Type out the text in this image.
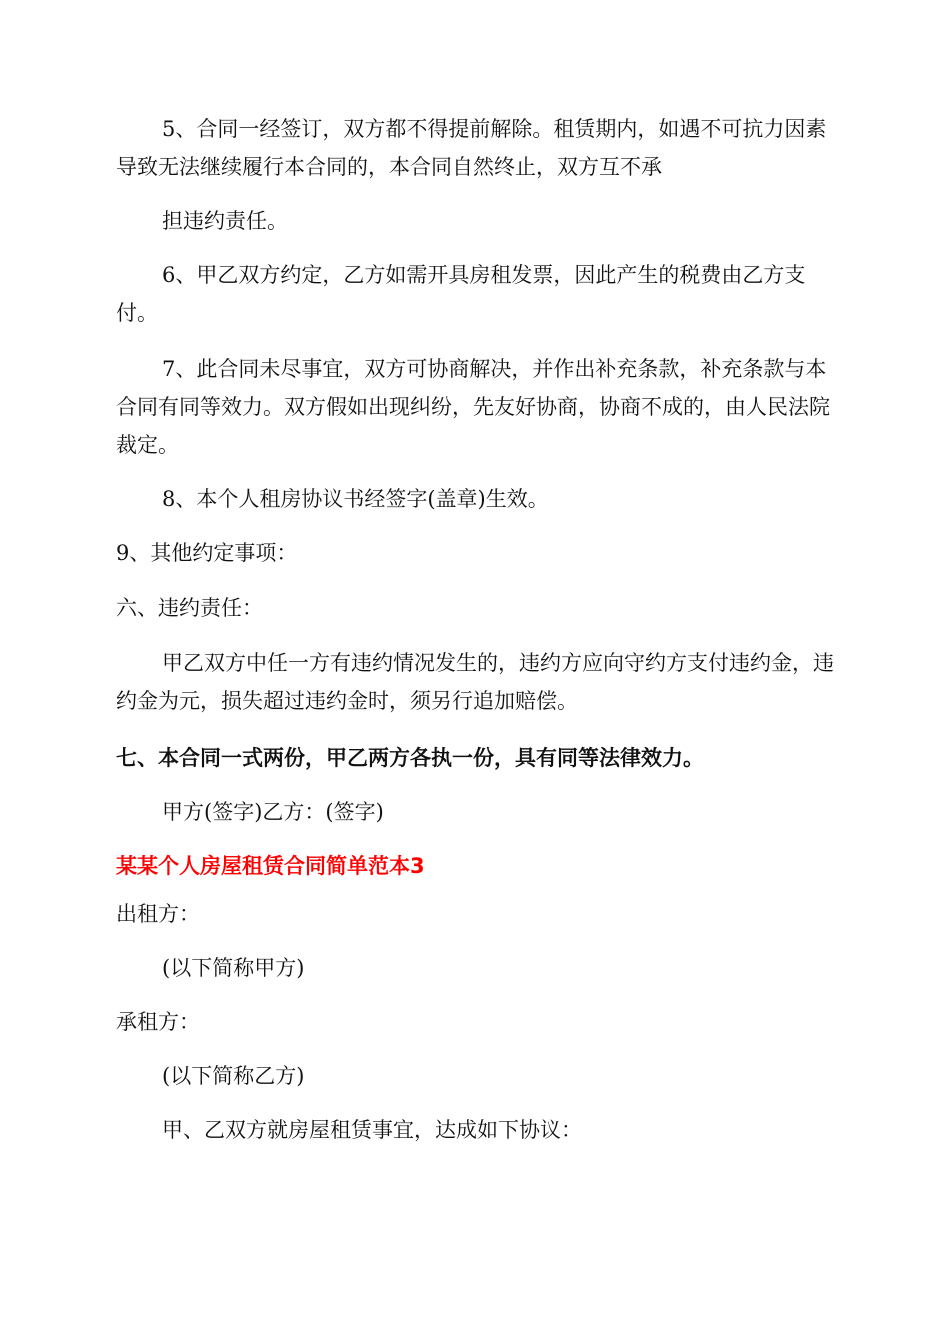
5、合同一经签订，双方都不得提前解除。租赁期内，如遇不可抗力因素导致无法继续履行本合同的，本合同自然终止，双方互不承

担违约责任。

6、甲乙双方约定，乙方如需开具房租发票，因此产生的税费由乙方支付。

7、此合同未尽事宜，双方可协商解决，并作出补充条款，补充条款与本合同有同等效力。双方假如出现纠纷，先友好协商，协商不成的，由人民法院裁定。

8、本个人租房协议书经签字(盖章)生效。

9、其他约定事项：

六、违约责任：

甲乙双方中任一方有违约情况发生的，违约方应向守约方支付违约金，违约金为元，损失超过违约金时，须另行追加赔偿。

七、本合同一式两份，甲乙两方各执一份，具有同等法律效力。

甲方(签字)乙方：(签字)

某某个人房屋租赁合同简单范本3

出租方：

(以下简称甲方)

承租方：

(以下简称乙方)

甲、乙双方就房屋租赁事宜，达成如下协议：
